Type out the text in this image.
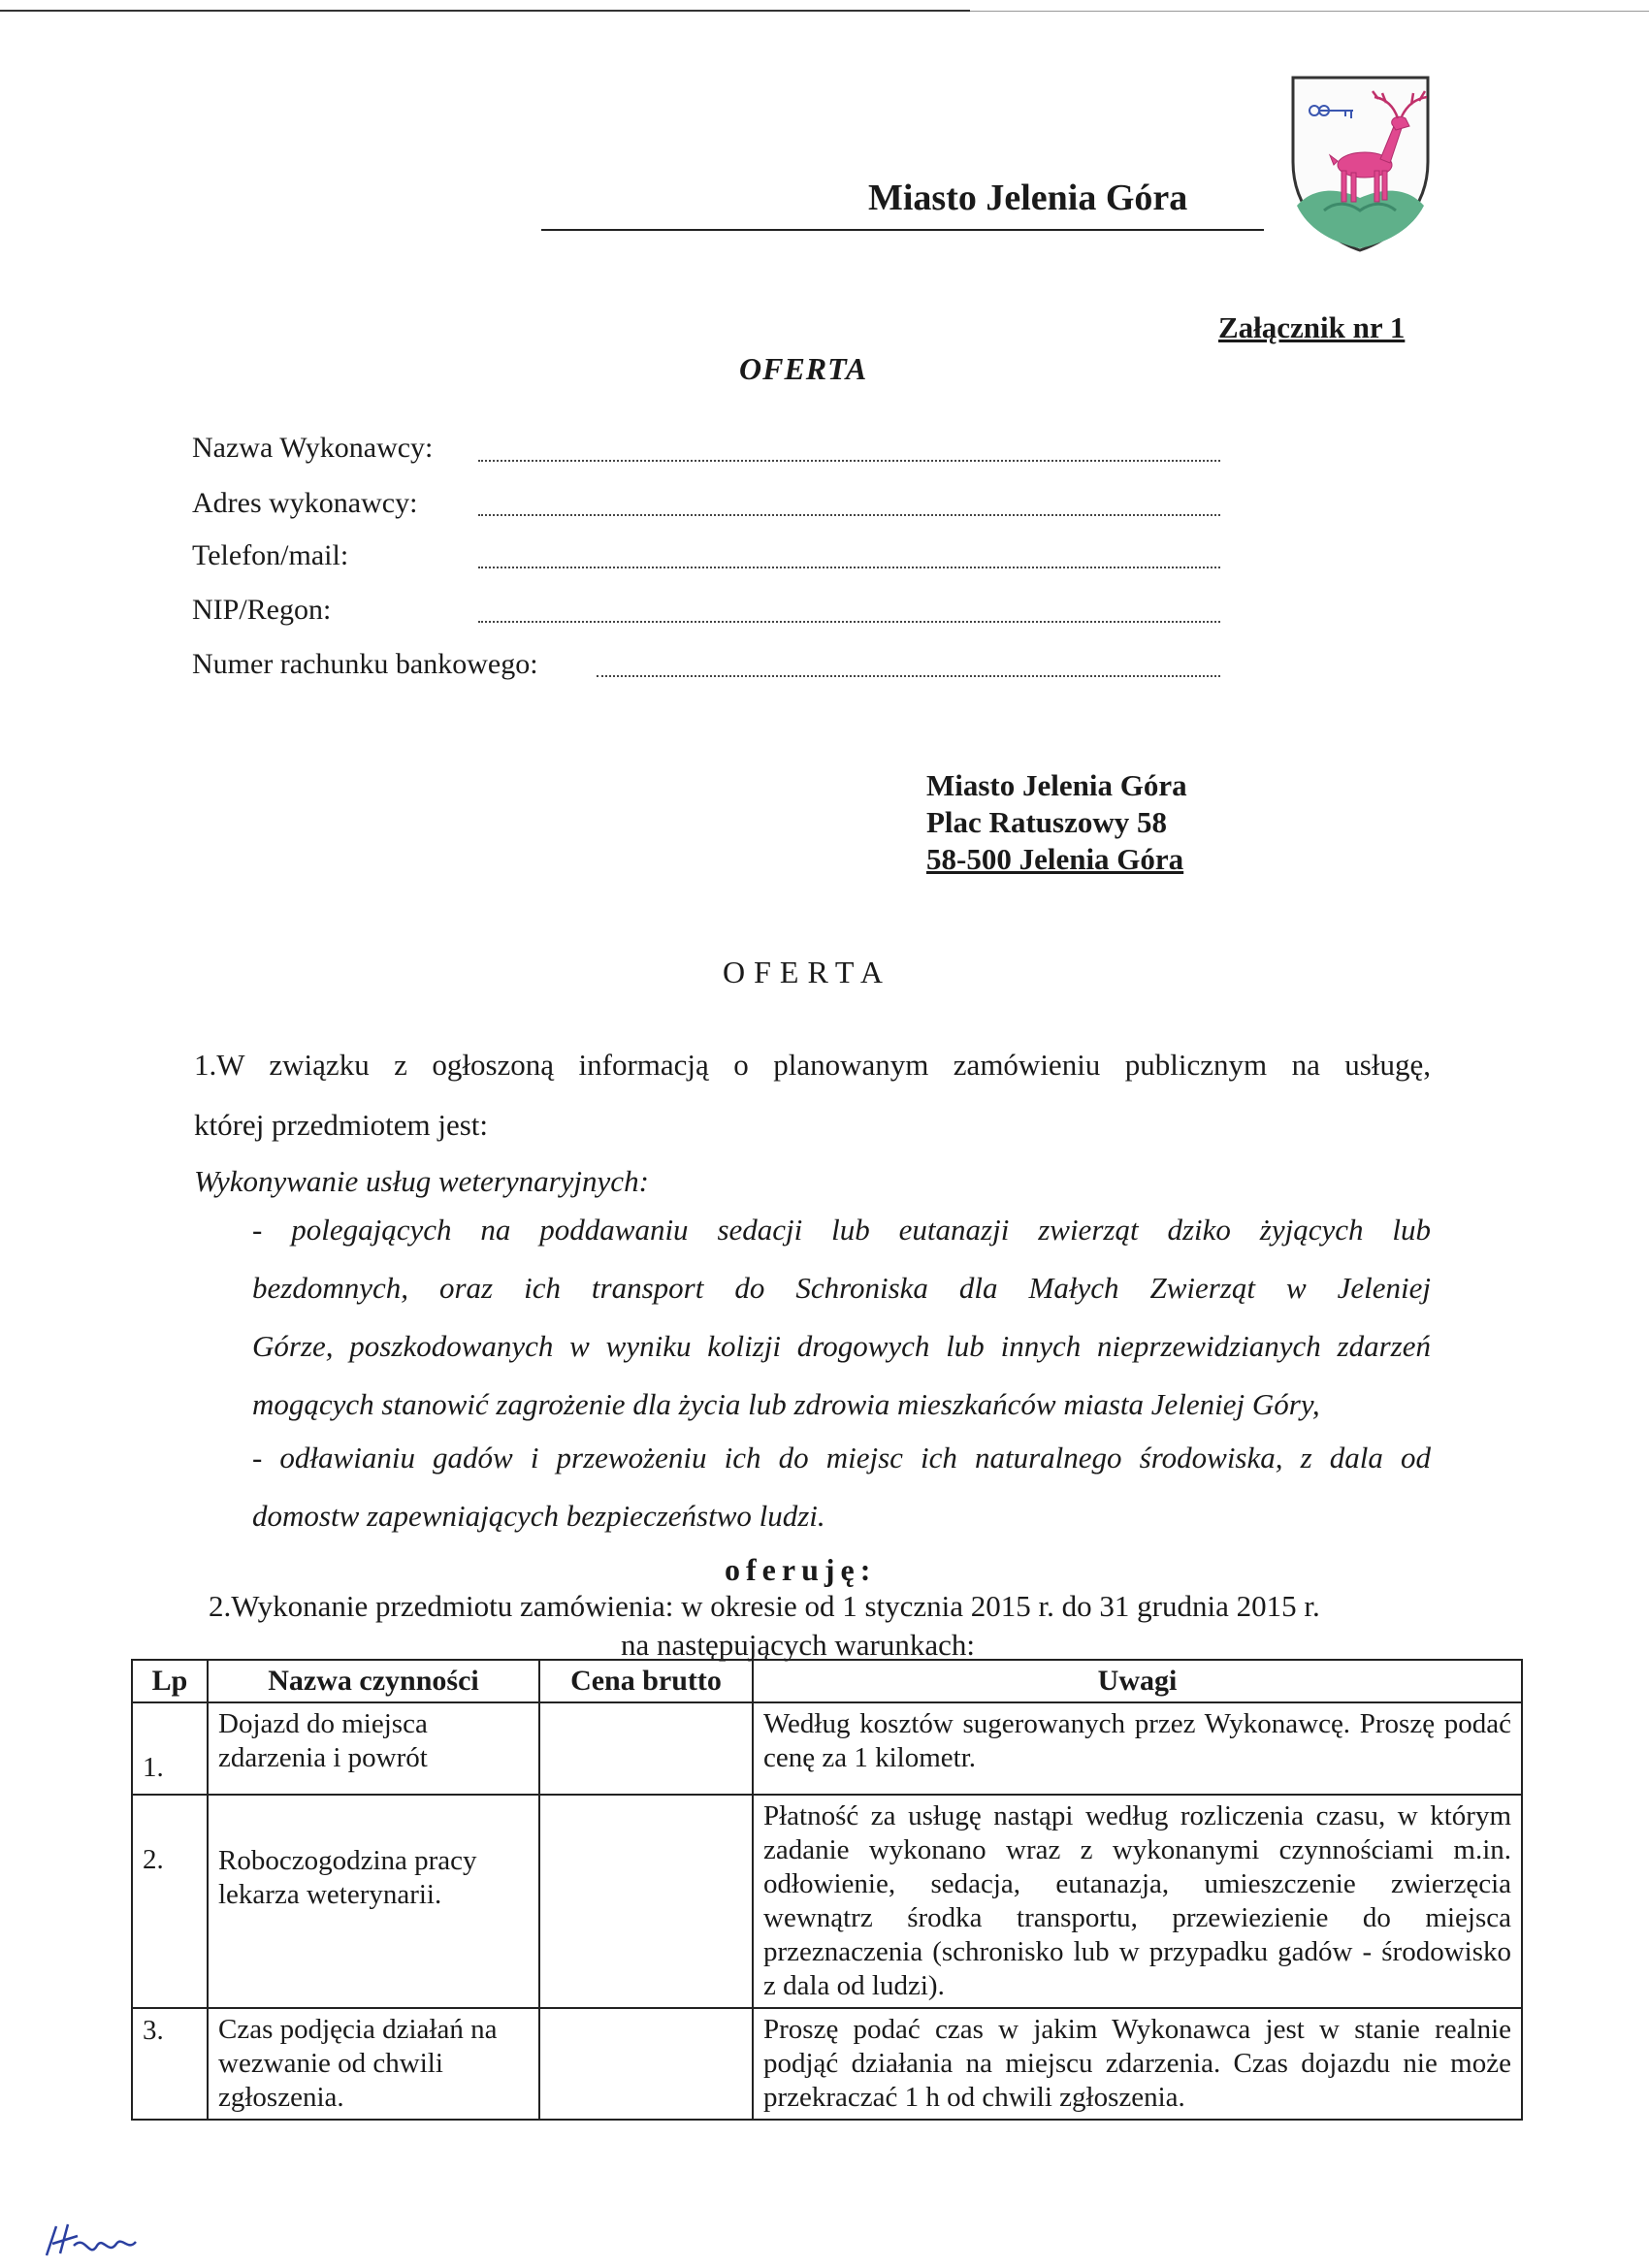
Miasto Jelenia Góra
Załącznik nr 1
OFERTA
Nazwa Wykonawcy:
Adres wykonawcy:
Telefon/mail:
NIP/Regon:
Numer rachunku bankowego:
Miasto Jelenia Góra
Plac Ratuszowy 58
58-500 Jelenia Góra
OFERTA
1.W związku z ogłoszoną informacją o planowanym zamówieniu publicznym na usługę,
której przedmiotem jest:
Wykonywanie usług weterynaryjnych:
- polegających na poddawaniu sedacji lub eutanazji zwierząt dziko żyjących lub
bezdomnych, oraz ich transport do Schroniska dla Małych Zwierząt w Jeleniej
Górze, poszkodowanych w wyniku kolizji drogowych lub innych nieprzewidzianych zdarzeń
mogących stanowić zagrożenie dla życia lub zdrowia mieszkańców miasta Jeleniej Góry,
- odławianiu gadów i przewożeniu ich do miejsc ich naturalnego środowiska, z dala od
domostw zapewniających bezpieczeństwo ludzi.
oferuję:
2.Wykonanie przedmiotu zamówienia: w okresie od 1 stycznia 2015 r. do 31 grudnia 2015 r.
na następujących warunkach:
Lp	Nazwa czynności	Cena brutto	Uwagi
1.	Dojazd do miejsca zdarzenia i powrót		Według kosztów sugerowanych przez Wykonawcę. Proszę podać cenę za 1 kilometr.
2.	Roboczogodzina pracy lekarza weterynarii.		Płatność za usługę nastąpi według rozliczenia czasu, w którym zadanie wykonano wraz z wykonanymi czynnościami m.in. odłowienie, sedacja, eutanazja, umieszczenie zwierzęcia wewnątrz środka transportu, przewiezienie do miejsca przeznaczenia (schronisko lub w przypadku gadów - środowisko z dala od ludzi).
3.	Czas podjęcia działań na wezwanie od chwili zgłoszenia.		Proszę podać czas w jakim Wykonawca jest w stanie realnie podjąć działania na miejscu zdarzenia. Czas dojazdu nie może przekraczać 1 h od chwili zgłoszenia.
